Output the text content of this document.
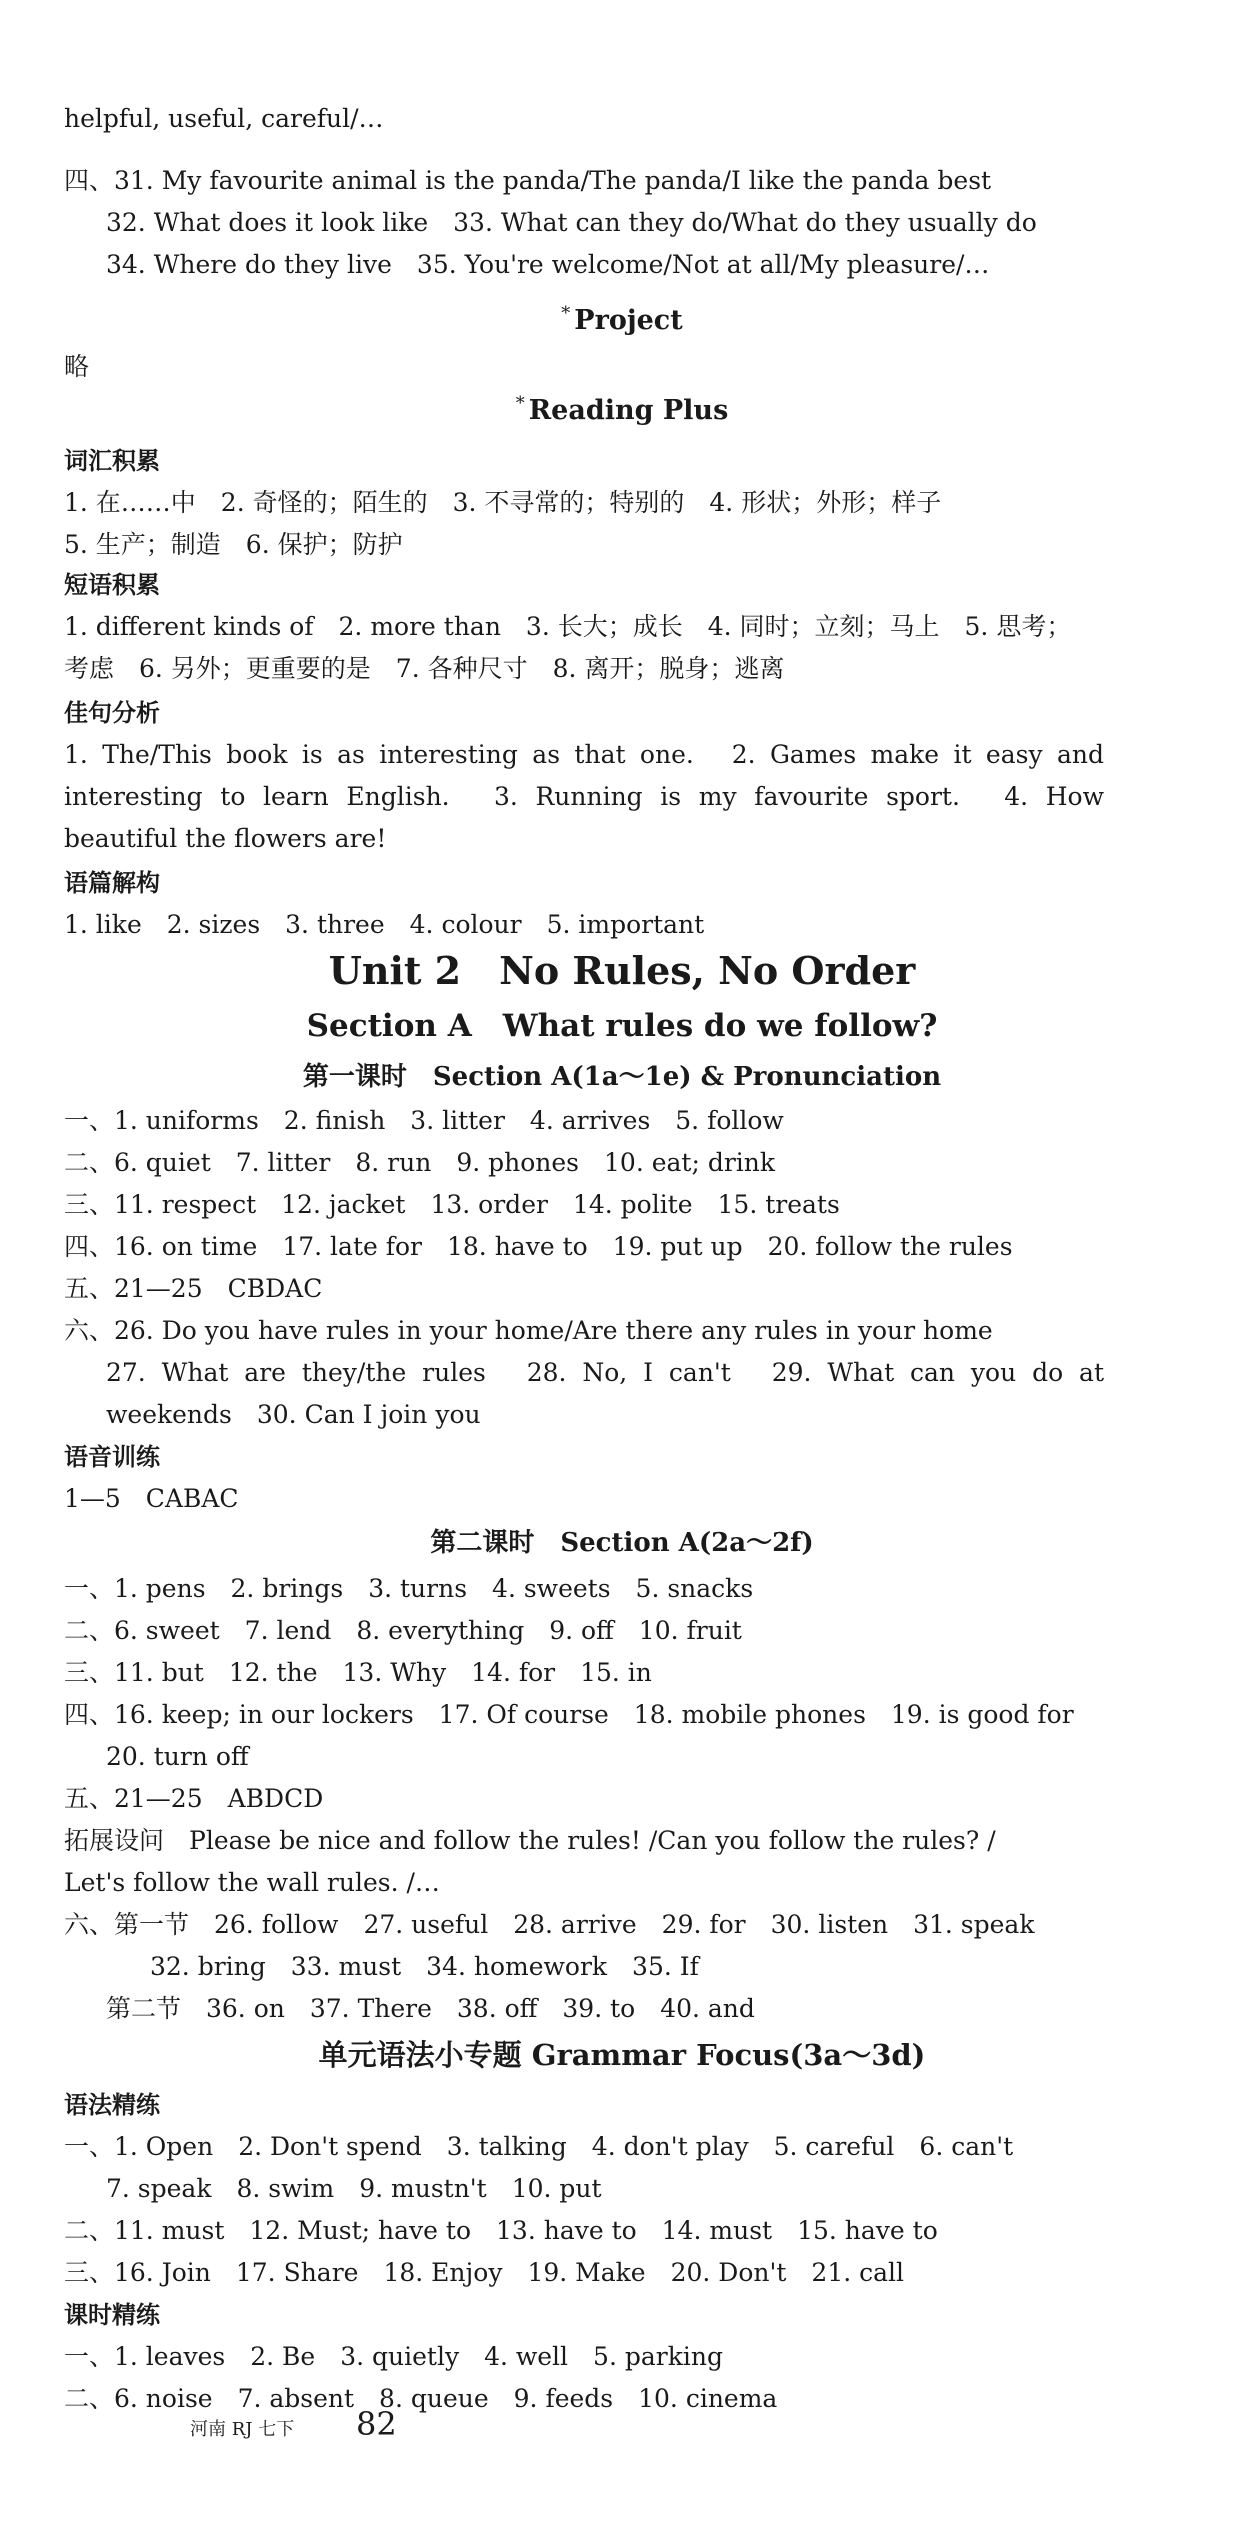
helpful, useful, careful/…
四、31. My favourite animal is the panda/The panda/I like the panda best
32. What does it look like　33. What can they do/What do they usually do
34. Where do they live　35. You're welcome/Not at all/My pleasure/…
* Project
略
* Reading Plus
词汇积累
1. 在……中　2. 奇怪的；陌生的　3. 不寻常的；特别的　4. 形状；外形；样子
5. 生产；制造　6. 保护；防护
短语积累
1. different kinds of　2. more than　3. 长大；成长　4. 同时；立刻；马上　5. 思考；
考虑　6. 另外；更重要的是　7. 各种尺寸　8. 离开；脱身；逃离
佳句分析
1. The/This book is as interesting as that one.　2. Games make it easy and
interesting to learn English.　3. Running is my favourite sport.　4. How
beautiful the flowers are!
语篇解构
1. like　2. sizes　3. three　4. colour　5. important
Unit 2　No Rules, No Order
Section A　What rules do we follow?
第一课时　Section A(1a～1e) & Pronunciation
一、1. uniforms　2. finish　3. litter　4. arrives　5. follow
二、6. quiet　7. litter　8. run　9. phones　10. eat; drink
三、11. respect　12. jacket　13. order　14. polite　15. treats
四、16. on time　17. late for　18. have to　19. put up　20. follow the rules
五、21—25　CBDAC
六、26. Do you have rules in your home/Are there any rules in your home
27. What are they/the rules　28. No, I can't　29. What can you do at
weekends　30. Can I join you
语音训练
1—5　CABAC
第二课时　Section A(2a～2f)
一、1. pens　2. brings　3. turns　4. sweets　5. snacks
二、6. sweet　7. lend　8. everything　9. off　10. fruit
三、11. but　12. the　13. Why　14. for　15. in
四、16. keep; in our lockers　17. Of course　18. mobile phones　19. is good for
20. turn off
五、21—25　ABDCD
拓展设问　Please be nice and follow the rules! /Can you follow the rules? /
Let's follow the wall rules. /…
六、第一节　26. follow　27. useful　28. arrive　29. for　30. listen　31. speak
32. bring　33. must　34. homework　35. If
第二节　36. on　37. There　38. off　39. to　40. and
单元语法小专题 Grammar Focus(3a～3d)
语法精练
一、1. Open　2. Don't spend　3. talking　4. don't play　5. careful　6. can't
7. speak　8. swim　9. mustn't　10. put
二、11. must　12. Must; have to　13. have to　14. must　15. have to
三、16. Join　17. Share　18. Enjoy　19. Make　20. Don't　21. call
课时精练
一、1. leaves　2. Be　3. quietly　4. well　5. parking
二、6. noise　7. absent　8. queue　9. feeds　10. cinema
河南 RJ 七下 82
